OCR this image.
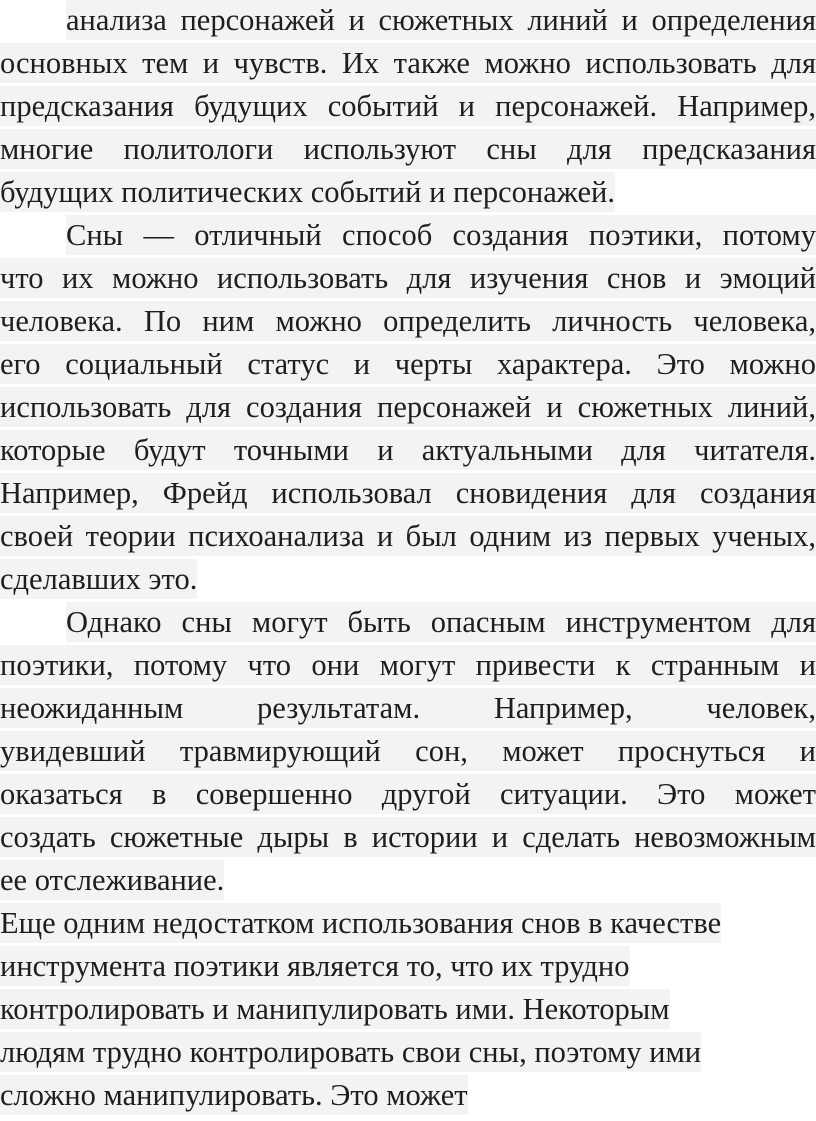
анализа персонажей и сюжетных линий и определения
основных тем и чувств. Их также можно использовать для
предсказания будущих событий и персонажей. Например,
многие политологи используют сны для предсказания
будущих политических событий и персонажей.
Сны — отличный способ создания поэтики, потому
что их можно использовать для изучения снов и эмоций
человека. По ним можно определить личность человека,
его социальный статус и черты характера. Это можно
использовать для создания персонажей и сюжетных линий,
которые будут точными и актуальными для читателя.
Например, Фрейд использовал сновидения для создания
своей теории психоанализа и был одним из первых ученых,
сделавших это.
Однако сны могут быть опасным инструментом для
поэтики, потому что они могут привести к странным и
неожиданным результатам. Например, человек,
увидевший травмирующий сон, может проснуться и
оказаться в совершенно другой ситуации. Это может
создать сюжетные дыры в истории и сделать невозможным
ее отслеживание.
Еще одним недостатком использования снов в качестве
инструмента поэтики является то, что их трудно
контролировать и манипулировать ими. Некоторым
людям трудно контролировать свои сны, поэтому ими
сложно манипулировать. Это может
